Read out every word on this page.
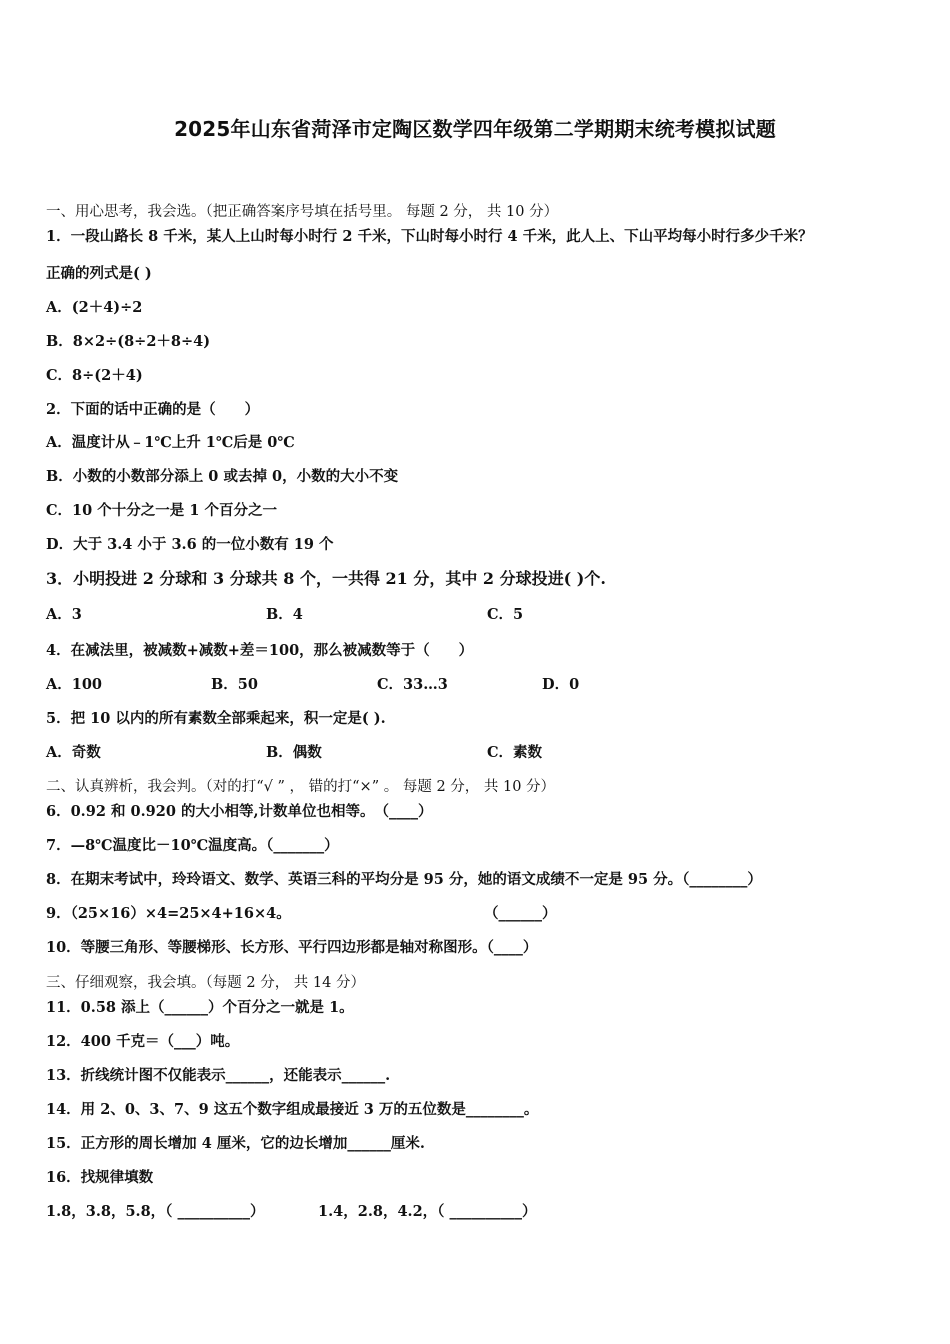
2025年山东省菏泽市定陶区数学四年级第二学期期末统考模拟试题
一、用心思考，我会选。（把正确答案序号填在括号里。 每题 2 分， 共 10 分）
1．一段山路长 8 千米，某人上山时每小时行 2 千米，下山时每小时行 4 千米，此人上、下山平均每小时行多少千米？
正确的列式是( )
A．(2＋4)÷2
B．8×2÷(8÷2＋8÷4)
C．8÷(2＋4)
2．下面的话中正确的是（　　）
A．温度计从﹣1℃上升 1℃后是 0℃
B．小数的小数部分添上 0 或去掉 0，小数的大小不变
C．10 个十分之一是 1 个百分之一
D．大于 3.4 小于 3.6 的一位小数有 19 个
3．小明投进 2 分球和 3 分球共 8 个，一共得 21 分，其中 2 分球投进( )个.
A．3	B．4	C．5
4．在减法里，被减数+减数+差＝100，那么被减数等于（　　）
A．100	B．50	C．33…3	D．0
5．把 10 以内的所有素数全部乘起来，积一定是( ).
A．奇数	B．偶数	C．素数
二、认真辨析，我会判。（对的打“√ ” ， 错的打“×” 。 每题 2 分， 共 10 分）
6．0.92 和 0.920 的大小相等,计数单位也相等。　（____）
7．—8℃温度比－10℃温度高。（_______）
8．在期末考试中，玲玲语文、数学、英语三科的平均分是 95 分，她的语文成绩不一定是 95 分。（________）
9．（25×16）×4=25×4+16×4。	（______）
10．等腰三角形、等腰梯形、长方形、平行四边形都是轴对称图形。（____）
三、仔细观察，我会填。（每题 2 分， 共 14 分）
11．0.58 添上（______）个百分之一就是 1。
12．400 千克＝（___）吨。
13．折线统计图不仅能表示______，还能表示______.
14．用 2、0、3、7、9 这五个数字组成最接近 3 万的五位数是________。
15．正方形的周长增加 4 厘米，它的边长增加______厘米.
16．找规律填数
1.8，3.8，5.8，（ __________）	1.4，2.8，4.2，（ __________）
